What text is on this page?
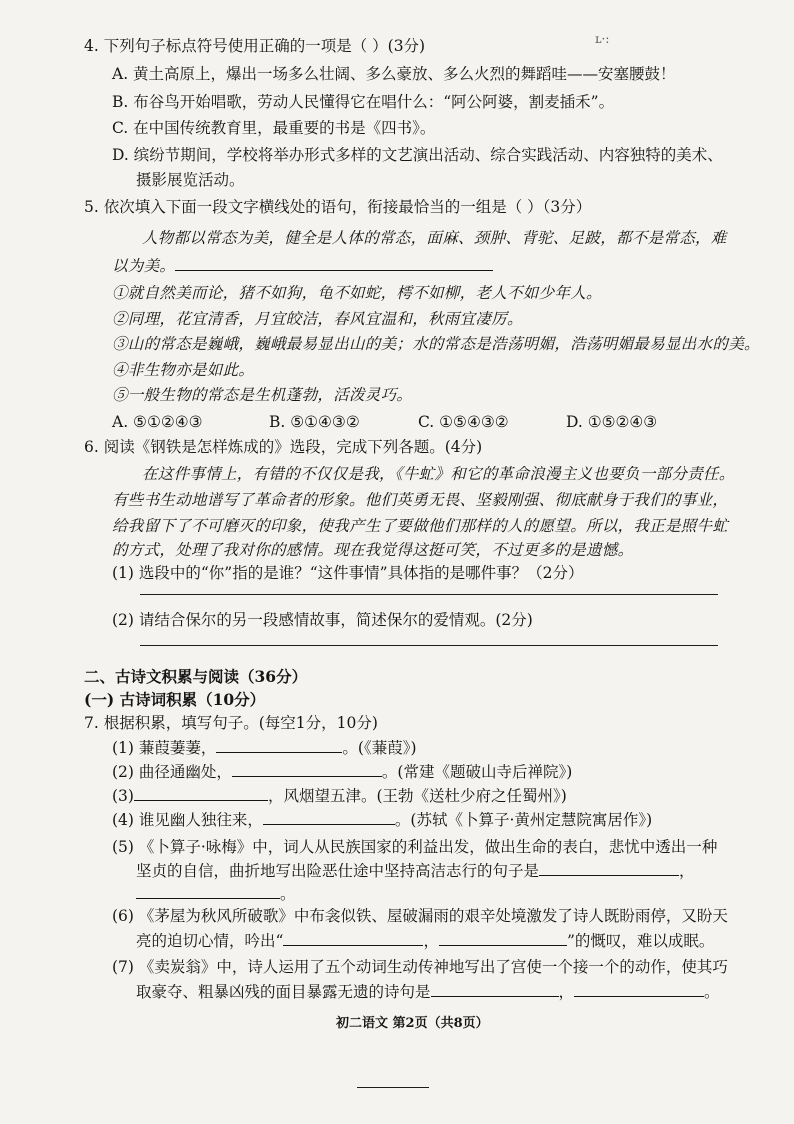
4. 下列句子标点符号使用正确的一项是（ ）(3分)	ʟ·:
A. 黄土高原上，爆出一场多么壮阔、多么豪放、多么火烈的舞蹈哇——安塞腰鼓！
B. 布谷鸟开始唱歌，劳动人民懂得它在唱什么：“阿公阿婆，割麦插禾”。
C. 在中国传统教育里，最重要的书是《四书》。
D. 缤纷节期间，学校将举办形式多样的文艺演出活动、综合实践活动、内容独特的美术、
摄影展览活动。
5. 依次填入下面一段文字横线处的语句，衔接最恰当的一组是（ ）（3分）
人物都以常态为美，健全是人体的常态，面麻、颈肿、背驼、足跛，都不是常态，难
以为美。
①就自然美而论，猪不如狗，龟不如蛇，樗不如柳，老人不如少年人。
②同理，花宜清香，月宜皎洁，春风宜温和，秋雨宜凄厉。
③山的常态是巍峨，巍峨最易显出山的美；水的常态是浩荡明媚，浩荡明媚最易显出水的美。
④非生物亦是如此。
⑤一般生物的常态是生机蓬勃，活泼灵巧。
A. ⑤①②④③	B. ⑤①④③②	C. ①⑤④③②	D. ①⑤②④③
6. 阅读《钢铁是怎样炼成的》选段，完成下列各题。(4分)
在这件事情上，有错的不仅仅是我，《牛虻》和它的革命浪漫主义也要负一部分责任。
有些书生动地谱写了革命者的形象。他们英勇无畏、坚毅刚强、彻底献身于我们的事业，
给我留下了不可磨灭的印象，使我产生了要做他们那样的人的愿望。所以，我正是照牛虻
的方式，处理了我对你的感情。现在我觉得这挺可笑，不过更多的是遗憾。
(1) 选段中的“你”指的是谁？“这件事情”具体指的是哪件事？（2分）
(2) 请结合保尔的另一段感情故事，简述保尔的爱情观。(2分)
二、古诗文积累与阅读（36分）
(一) 古诗词积累（10分）
7. 根据积累，填写句子。(每空1分，10分)
(1) 蒹葭萋萋，	。(《蒹葭》)
(2) 曲径通幽处，	。(常建《题破山寺后禅院》)
(3)	，风烟望五津。(王勃《送杜少府之任蜀州》)
(4) 谁见幽人独往来，	。(苏轼《卜算子·黄州定慧院寓居作》)
(5) 《卜算子·咏梅》中，词人从民族国家的利益出发，做出生命的表白，悲忧中透出一种
坚贞的自信，曲折地写出险恶仕途中坚持高洁志行的句子是	，
。
(6) 《茅屋为秋风所破歌》中布衾似铁、屋破漏雨的艰辛处境激发了诗人既盼雨停，又盼天
亮的迫切心情，吟出“	，	”的慨叹，难以成眠。
(7) 《卖炭翁》中，诗人运用了五个动词生动传神地写出了宫使一个接一个的动作，使其巧
取豪夺、粗暴凶残的面目暴露无遗的诗句是	，	。
初二语文 第2页（共8页）
